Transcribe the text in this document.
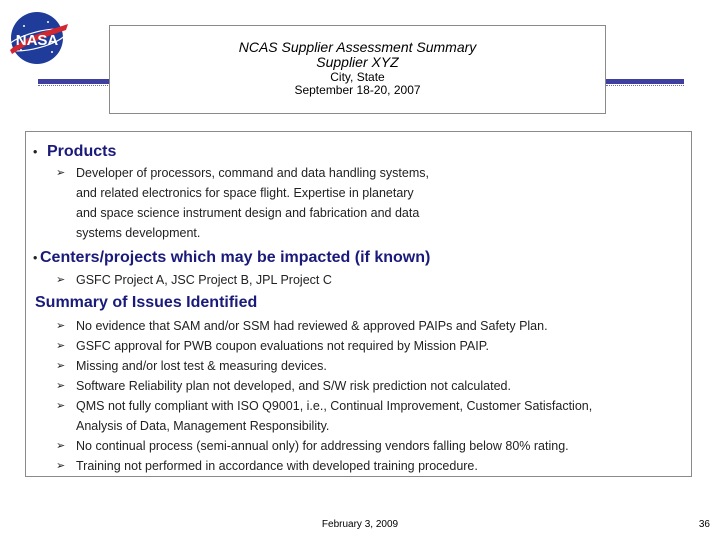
NASA	NCAS Supplier Assessment Summary
Supplier XYZ
City, State
September 18-20, 2007
• Products
➢ Developer of processors, command and data handling systems,
and related electronics for space flight. Expertise in planetary
and space science instrument design and fabrication and data
systems development.
• Centers/projects which may be impacted (if known)
➢ GSFC Project A, JSC Project B, JPL Project C
Summary of Issues Identified
➢ No evidence that SAM and/or SSM had reviewed & approved PAIPs and Safety Plan.
➢ GSFC approval for PWB coupon evaluations not required by Mission PAIP.
➢ Missing and/or lost test & measuring devices.
➢ Software Reliability plan not developed, and S/W risk prediction not calculated.
➢ QMS not fully compliant with ISO Q9001, i.e., Continual Improvement, Customer Satisfaction,
Analysis of Data, Management Responsibility.
➢ No continual process (semi-annual only) for addressing vendors falling below 80% rating.
➢ Training not performed in accordance with developed training procedure.
February 3, 2009	36
